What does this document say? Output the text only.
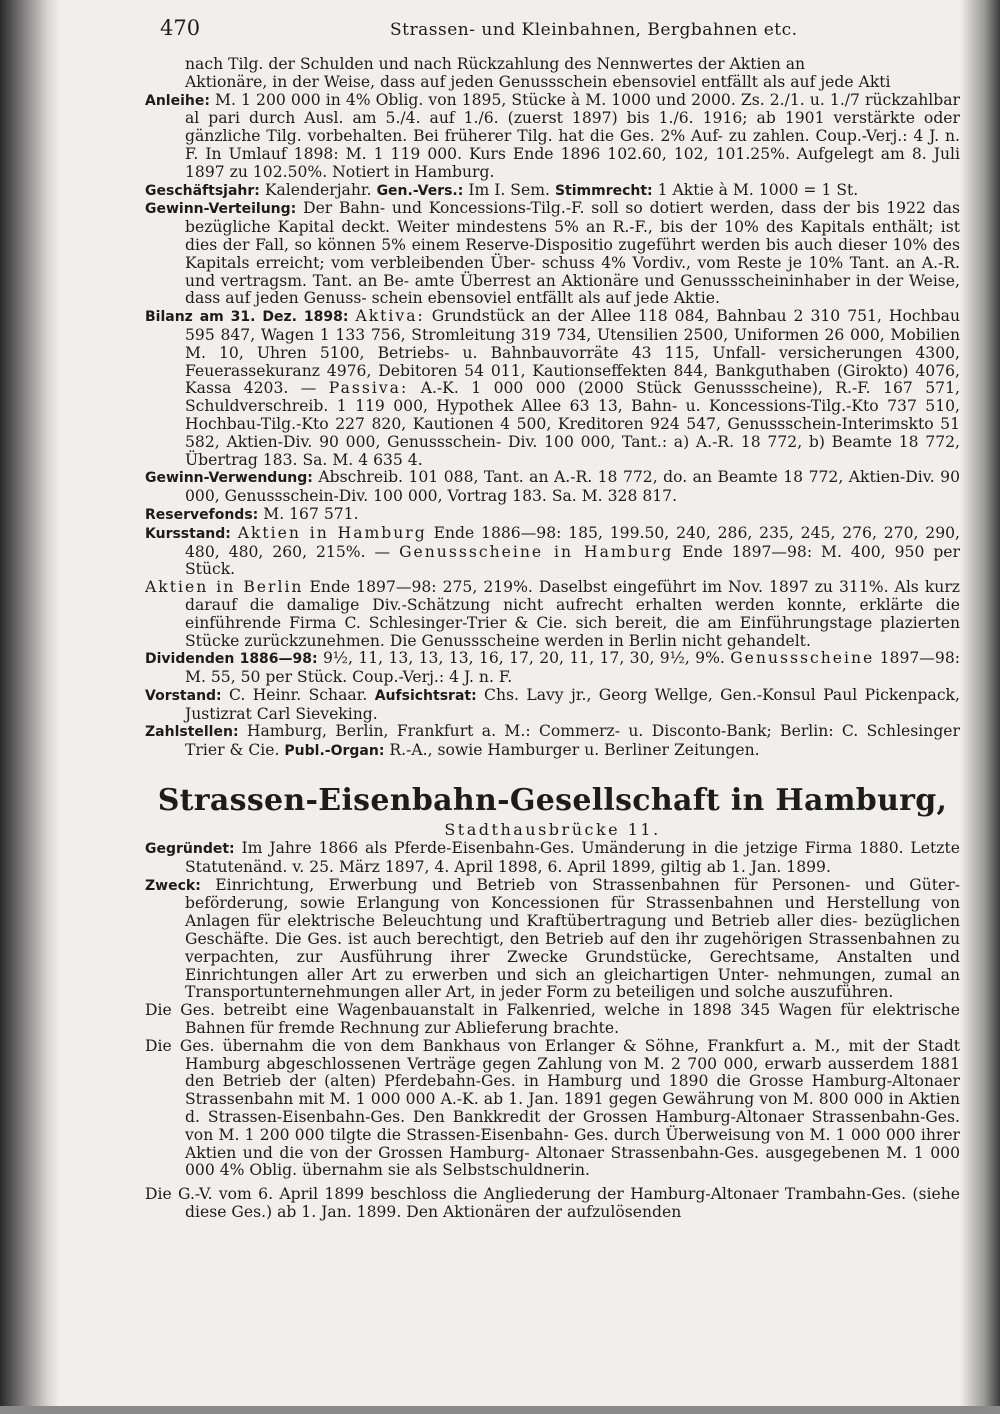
470	Strassen- und Kleinbahnen, Bergbahnen etc.

nach Tilg. der Schulden und nach Rückzahlung des Nennwertes der Aktien an

Aktionäre, in der Weise, dass auf jeden Genussschein ebensoviel entfällt als auf jede Akti

Anleihe: M. 1 200 000 in 4% Oblig. von 1895, Stücke à M. 1000 und 2000. Zs. 2./1. u. 1./7 rückzahlbar al pari durch Ausl. am 5./4. auf 1./6. (zuerst 1897) bis 1./6. 1916; ab 1901 verstärkte oder gänzliche Tilg. vorbehalten. Bei früherer Tilg. hat die Ges. 2% Auf- zu zahlen. Coup.-Verj.: 4 J. n. F. In Umlauf 1898: M. 1 119 000. Kurs Ende 1896 102.60, 102, 101.25%. Aufgelegt am 8. Juli 1897 zu 102.50%. Notiert in Hamburg.

Geschäftsjahr: Kalenderjahr. Gen.-Vers.: Im I. Sem. Stimmrecht: 1 Aktie à M. 1000 = 1 St.

Gewinn-Verteilung: Der Bahn- und Koncessions-Tilg.-F. soll so dotiert werden, dass der bis 1922 das bezügliche Kapital deckt. Weiter mindestens 5% an R.-F., bis der 10% des Kapitals enthält; ist dies der Fall, so können 5% einem Reserve-Dispositio zugeführt werden bis auch dieser 10% des Kapitals erreicht; vom verbleibenden Über- schuss 4% Vordiv., vom Reste je 10% Tant. an A.-R. und vertragsm. Tant. an Be- amte Überrest an Aktionäre und Genussscheininhaber in der Weise, dass auf jeden Genuss- schein ebensoviel entfällt als auf jede Aktie.

Bilanz am 31. Dez. 1898: Aktiva: Grundstück an der Allee 118 084, Bahnbau 2 310 751, Hochbau 595 847, Wagen 1 133 756, Stromleitung 319 734, Utensilien 2500, Uniformen 26 000, Mobilien M. 10, Uhren 5100, Betriebs- u. Bahnbauvorräte 43 115, Unfall- versicherungen 4300, Feuerassekuranz 4976, Debitoren 54 011, Kautionseffekten 844, Bankguthaben (Girokto) 4076, Kassa 4203. — Passiva: A.-K. 1 000 000 (2000 Stück Genussscheine), R.-F. 167 571, Schuldverschreib. 1 119 000, Hypothek Allee 63 13, Bahn- u. Koncessions-Tilg.-Kto 737 510, Hochbau-Tilg.-Kto 227 820, Kautionen 4 500, Kreditoren 924 547, Genussschein-Interimskto 51 582, Aktien-Div. 90 000, Genussschein- Div. 100 000, Tant.: a) A.-R. 18 772, b) Beamte 18 772, Übertrag 183. Sa. M. 4 635 4.

Gewinn-Verwendung: Abschreib. 101 088, Tant. an A.-R. 18 772, do. an Beamte 18 772, Aktien-Div. 90 000, Genussschein-Div. 100 000, Vortrag 183. Sa. M. 328 817.

Reservefonds: M. 167 571.

Kursstand: Aktien in Hamburg Ende 1886—98: 185, 199.50, 240, 286, 235, 245, 276, 270, 290, 480, 480, 260, 215%. — Genussscheine in Hamburg Ende 1897—98: M. 400, 950 per Stück.

Aktien in Berlin Ende 1897—98: 275, 219%. Daselbst eingeführt im Nov. 1897 zu 311%. Als kurz darauf die damalige Div.-Schätzung nicht aufrecht erhalten werden konnte, erklärte die einführende Firma C. Schlesinger-Trier & Cie. sich bereit, die am Einführungstage plazierten Stücke zurückzunehmen. Die Genussscheine werden in Berlin nicht gehandelt.

Dividenden 1886—98: 9½, 11, 13, 13, 13, 16, 17, 20, 11, 17, 30, 9½, 9%. Genussscheine 1897—98: M. 55, 50 per Stück. Coup.-Verj.: 4 J. n. F.

Vorstand: C. Heinr. Schaar. Aufsichtsrat: Chs. Lavy jr., Georg Wellge, Gen.-Konsul Paul Pickenpack, Justizrat Carl Sieveking.

Zahlstellen: Hamburg, Berlin, Frankfurt a. M.: Commerz- u. Disconto-Bank; Berlin: C. Schlesinger Trier & Cie. Publ.-Organ: R.-A., sowie Hamburger u. Berliner Zeitungen.

Strassen-Eisenbahn-Gesellschaft in Hamburg,
Stadthausbrücke 11.

Gegründet: Im Jahre 1866 als Pferde-Eisenbahn-Ges. Umänderung in die jetzige Firma 1880. Letzte Statutenänd. v. 25. März 1897, 4. April 1898, 6. April 1899, giltig ab 1. Jan. 1899.

Zweck: Einrichtung, Erwerbung und Betrieb von Strassenbahnen für Personen- und Güter- beförderung, sowie Erlangung von Koncessionen für Strassenbahnen und Herstellung von Anlagen für elektrische Beleuchtung und Kraftübertragung und Betrieb aller dies- bezüglichen Geschäfte. Die Ges. ist auch berechtigt, den Betrieb auf den ihr zugehörigen Strassenbahnen zu verpachten, zur Ausführung ihrer Zwecke Grundstücke, Gerechtsame, Anstalten und Einrichtungen aller Art zu erwerben und sich an gleichartigen Unter- nehmungen, zumal an Transportunternehmungen aller Art, in jeder Form zu beteiligen und solche auszuführen.

Die Ges. betreibt eine Wagenbauanstalt in Falkenried, welche in 1898 345 Wagen für elektrische Bahnen für fremde Rechnung zur Ablieferung brachte.

Die Ges. übernahm die von dem Bankhaus von Erlanger & Söhne, Frankfurt a. M., mit der Stadt Hamburg abgeschlossenen Verträge gegen Zahlung von M. 2 700 000, erwarb ausserdem 1881 den Betrieb der (alten) Pferdebahn-Ges. in Hamburg und 1890 die Grosse Hamburg-Altonaer Strassenbahn mit M. 1 000 000 A.-K. ab 1. Jan. 1891 gegen Gewährung von M. 800 000 in Aktien d. Strassen-Eisenbahn-Ges. Den Bankkredit der Grossen Hamburg-Altonaer Strassenbahn-Ges. von M. 1 200 000 tilgte die Strassen-Eisenbahn- Ges. durch Überweisung von M. 1 000 000 ihrer Aktien und die von der Grossen Hamburg- Altonaer Strassenbahn-Ges. ausgegebenen M. 1 000 000 4% Oblig. übernahm sie als Selbstschuldnerin.

Die G.-V. vom 6. April 1899 beschloss die Angliederung der Hamburg-Altonaer Trambahn-Ges. (siehe diese Ges.) ab 1. Jan. 1899. Den Aktionären der aufzulösenden
